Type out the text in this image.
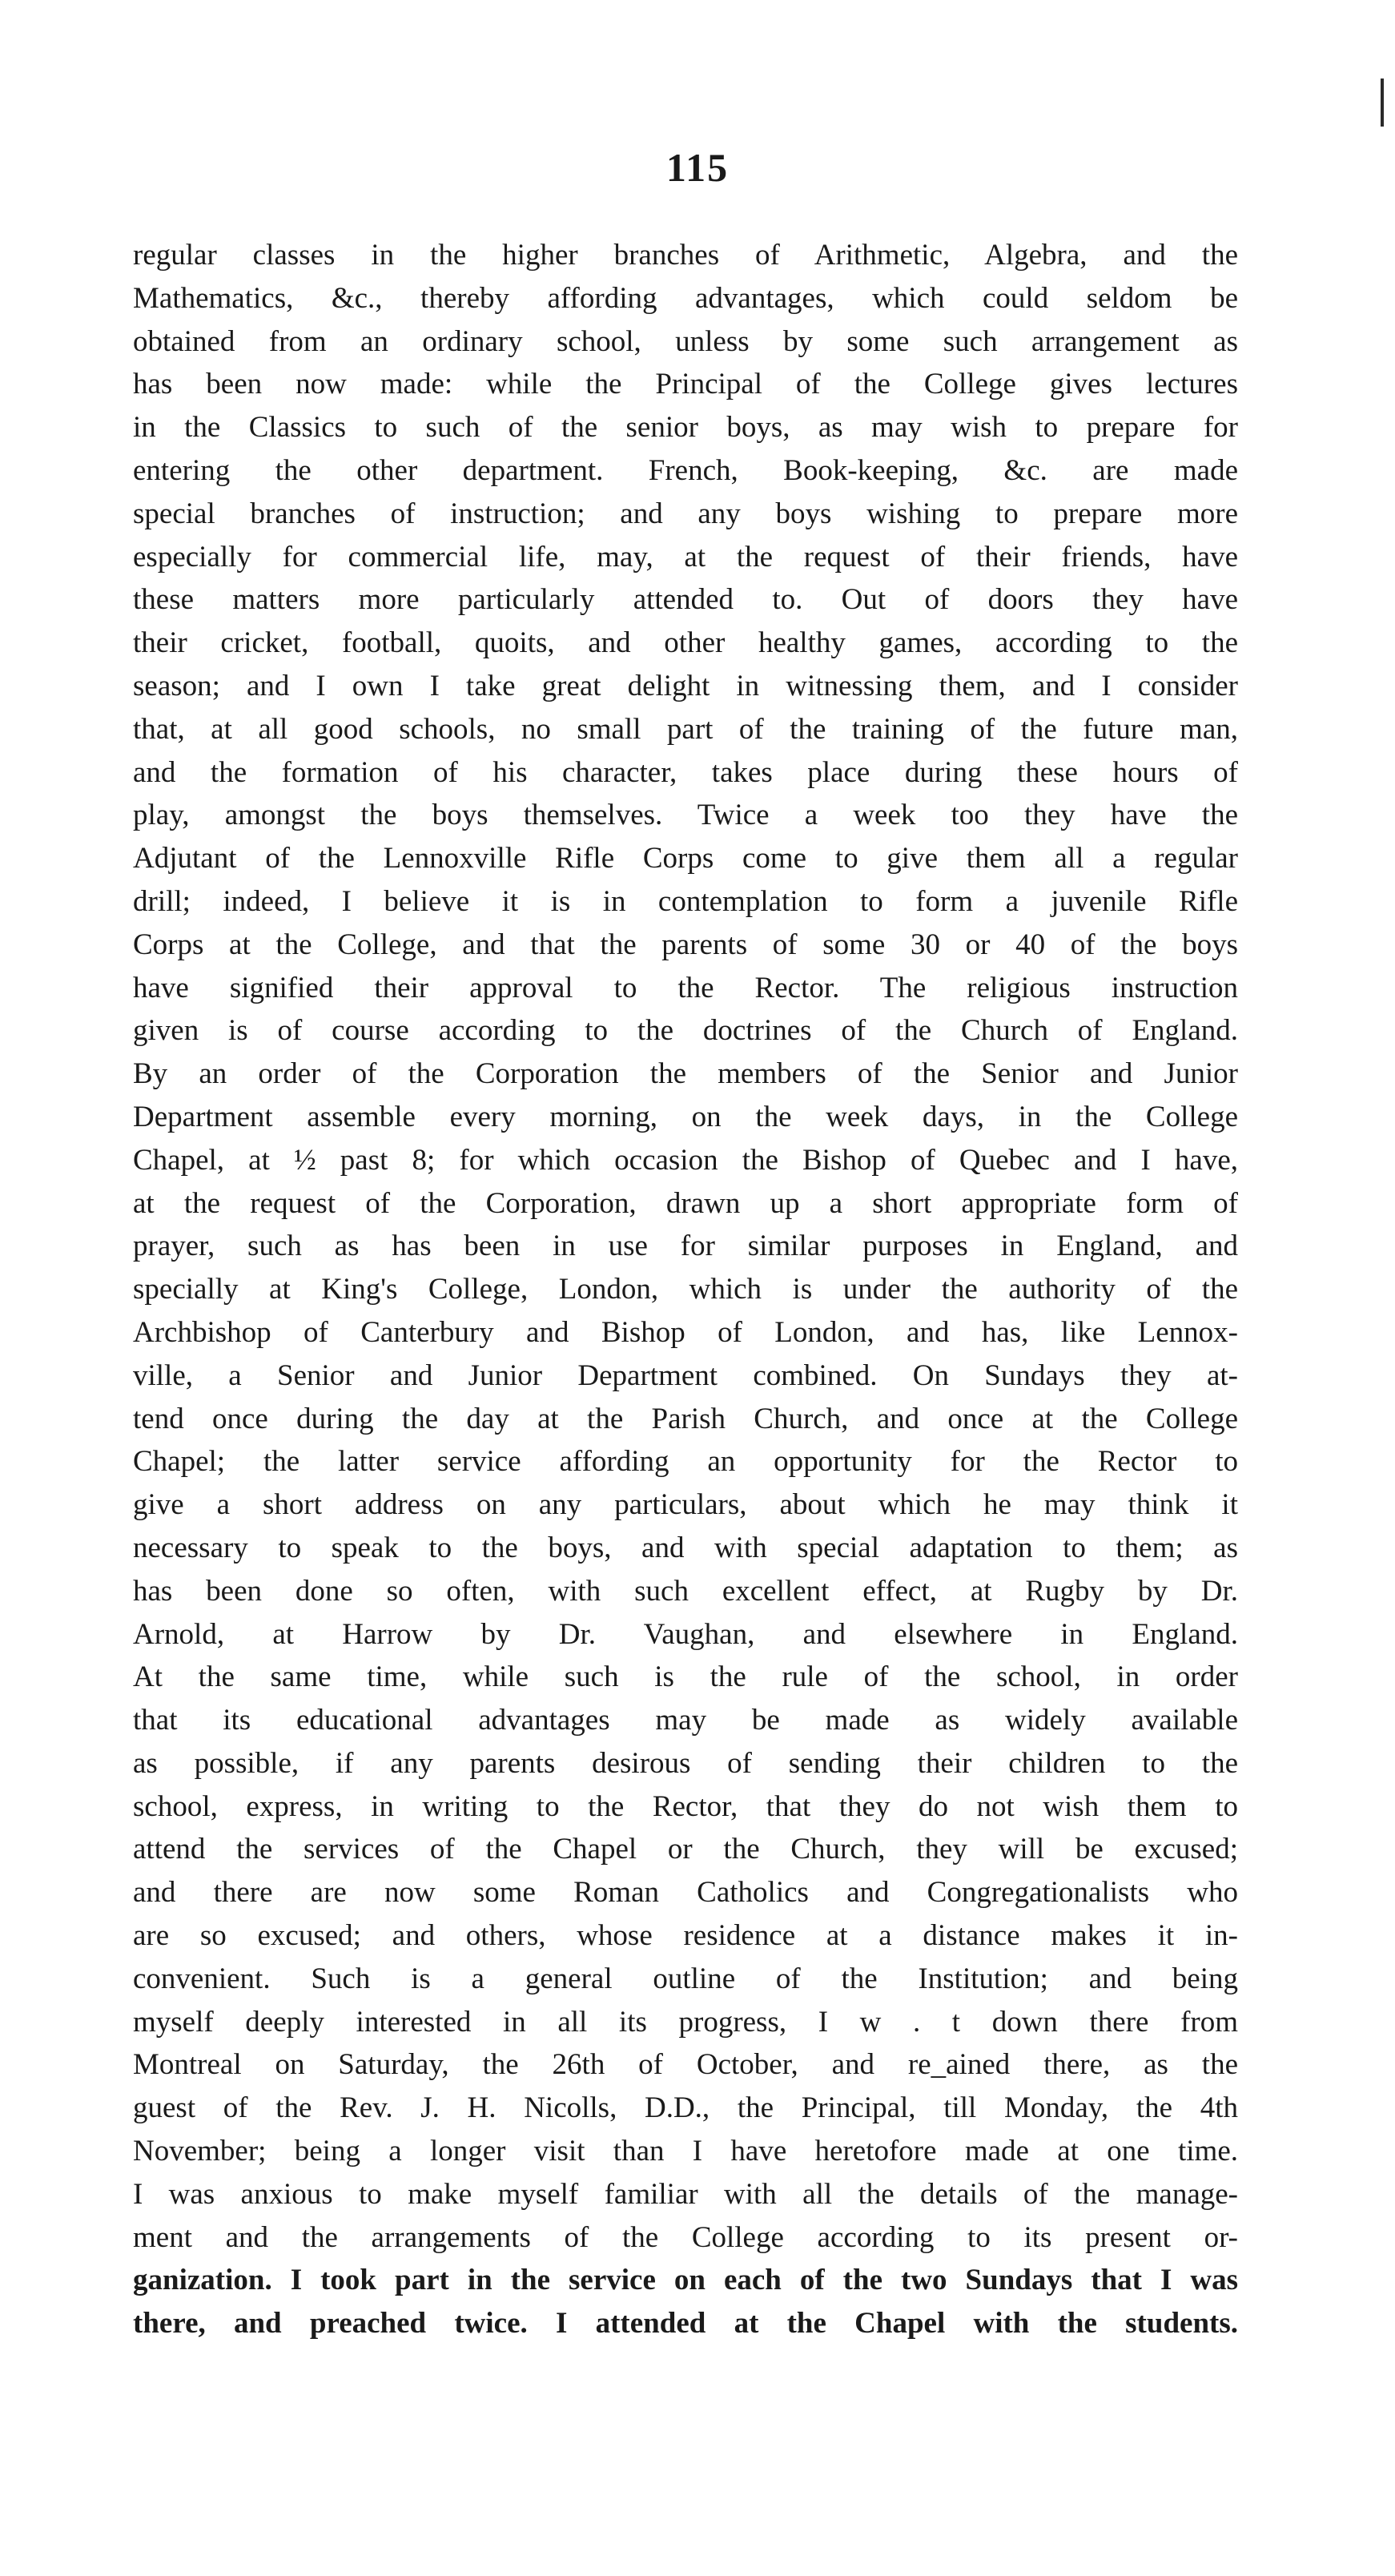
115
regular classes in the higher branches of Arithmetic, Algebra, and the
Mathematics, &c., thereby affording advantages, which could seldom be
obtained from an ordinary school, unless by some such arrangement as
has been now made: while the Principal of the College gives lectures
in the Classics to such of the senior boys, as may wish to prepare for
entering the other department. French, Book-keeping, &c. are made
special branches of instruction; and any boys wishing to prepare more
especially for commercial life, may, at the request of their friends, have
these matters more particularly attended to. Out of doors they have
their cricket, football, quoits, and other healthy games, according to the
season; and I own I take great delight in witnessing them, and I consider
that, at all good schools, no small part of the training of the future man,
and the formation of his character, takes place during these hours of
play, amongst the boys themselves. Twice a week too they have the
Adjutant of the Lennoxville Rifle Corps come to give them all a regular
drill; indeed, I believe it is in contemplation to form a juvenile Rifle
Corps at the College, and that the parents of some 30 or 40 of the boys
have signified their approval to the Rector. The religious instruction
given is of course according to the doctrines of the Church of England.
By an order of the Corporation the members of the Senior and Junior
Department assemble every morning, on the week days, in the College
Chapel, at ½ past 8; for which occasion the Bishop of Quebec and I have,
at the request of the Corporation, drawn up a short appropriate form of
prayer, such as has been in use for similar purposes in England, and
specially at King's College, London, which is under the authority of the
Archbishop of Canterbury and Bishop of London, and has, like Lennox-
ville, a Senior and Junior Department combined. On Sundays they at-
tend once during the day at the Parish Church, and once at the College
Chapel; the latter service affording an opportunity for the Rector to
give a short address on any particulars, about which he may think it
necessary to speak to the boys, and with special adaptation to them; as
has been done so often, with such excellent effect, at Rugby by Dr.
Arnold, at Harrow by Dr. Vaughan, and elsewhere in England.
At the same time, while such is the rule of the school, in order
that its educational advantages may be made as widely available
as possible, if any parents desirous of sending their children to the
school, express, in writing to the Rector, that they do not wish them to
attend the services of the Chapel or the Church, they will be excused;
and there are now some Roman Catholics and Congregationalists who
are so excused; and others, whose residence at a distance makes it in-
convenient. Such is a general outline of the Institution; and being
myself deeply interested in all its progress, I w . t down there from
Montreal on Saturday, the 26th of October, and re_ained there, as the
guest of the Rev. J. H. Nicolls, D.D., the Principal, till Monday, the 4th
November; being a longer visit than I have heretofore made at one time.
I was anxious to make myself familiar with all the details of the manage-
ment and the arrangements of the College according to its present or-
ganization. I took part in the service on each of the two Sundays that I was
there, and preached twice. I attended at the Chapel with the students.
